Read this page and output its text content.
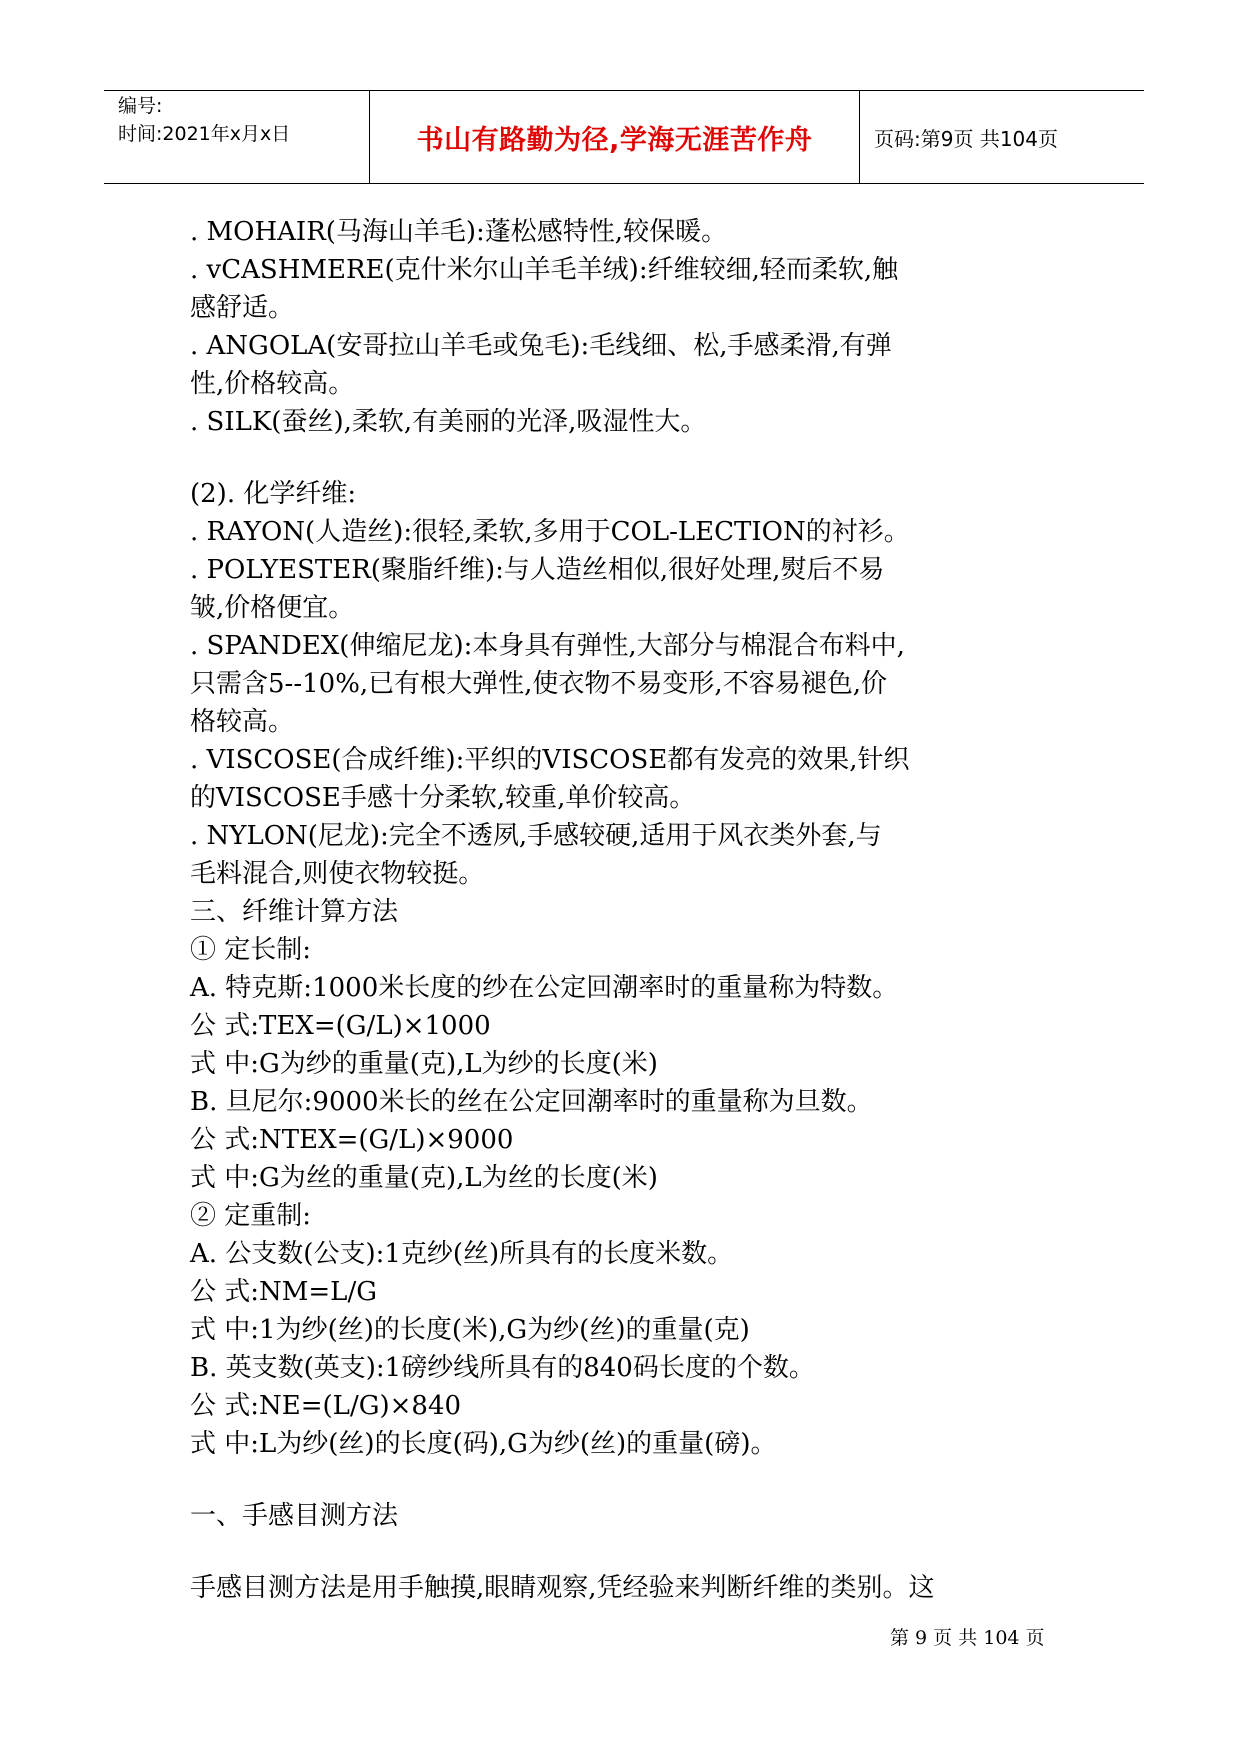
编号:
时间:2021年x月x日	书山有路勤为径,学海无涯苦作舟	页码:第9页 共104页
. MOHAIR(马海山羊毛):蓬松感特性,较保暖。
. vCASHMERE(克什米尔山羊毛羊绒):纤维较细,轻而柔软,触
感舒适。
. ANGOLA(安哥拉山羊毛或兔毛):毛线细、松,手感柔滑,有弹
性,价格较高。
. SILK(蚕丝),柔软,有美丽的光泽,吸湿性大。
(2). 化学纤维:
. RAYON(人造丝):很轻,柔软,多用于COL-LECTION的衬衫。
. POLYESTER(聚脂纤维):与人造丝相似,很好处理,熨后不易
皱,价格便宜。
. SPANDEX(伸缩尼龙):本身具有弹性,大部分与棉混合布料中,
只需含5--10%,已有根大弹性,使衣物不易变形,不容易褪色,价
格较高。
. VISCOSE(合成纤维):平织的VISCOSE都有发亮的效果,针织
的VISCOSE手感十分柔软,较重,单价较高。
. NYLON(尼龙):完全不透夙,手感较硬,适用于风衣类外套,与
毛料混合,则使衣物较挺。
三、纤维计算方法
① 定长制:
A. 特克斯:1000米长度的纱在公定回潮率时的重量称为特数。
公 式:TEX=(G/L)×1000
式 中:G为纱的重量(克),L为纱的长度(米)
B. 旦尼尔:9000米长的丝在公定回潮率时的重量称为旦数。
公 式:NTEX=(G/L)×9000
式 中:G为丝的重量(克),L为丝的长度(米)
② 定重制:
A. 公支数(公支):1克纱(丝)所具有的长度米数。
公 式:NM=L/G
式 中:1为纱(丝)的长度(米),G为纱(丝)的重量(克)
B. 英支数(英支):1磅纱线所具有的840码长度的个数。
公 式:NE=(L/G)×840
式 中:L为纱(丝)的长度(码),G为纱(丝)的重量(磅)。
一、手感目测方法
手感目测方法是用手触摸,眼睛观察,凭经验来判断纤维的类别。这
第 9 页 共 104 页
